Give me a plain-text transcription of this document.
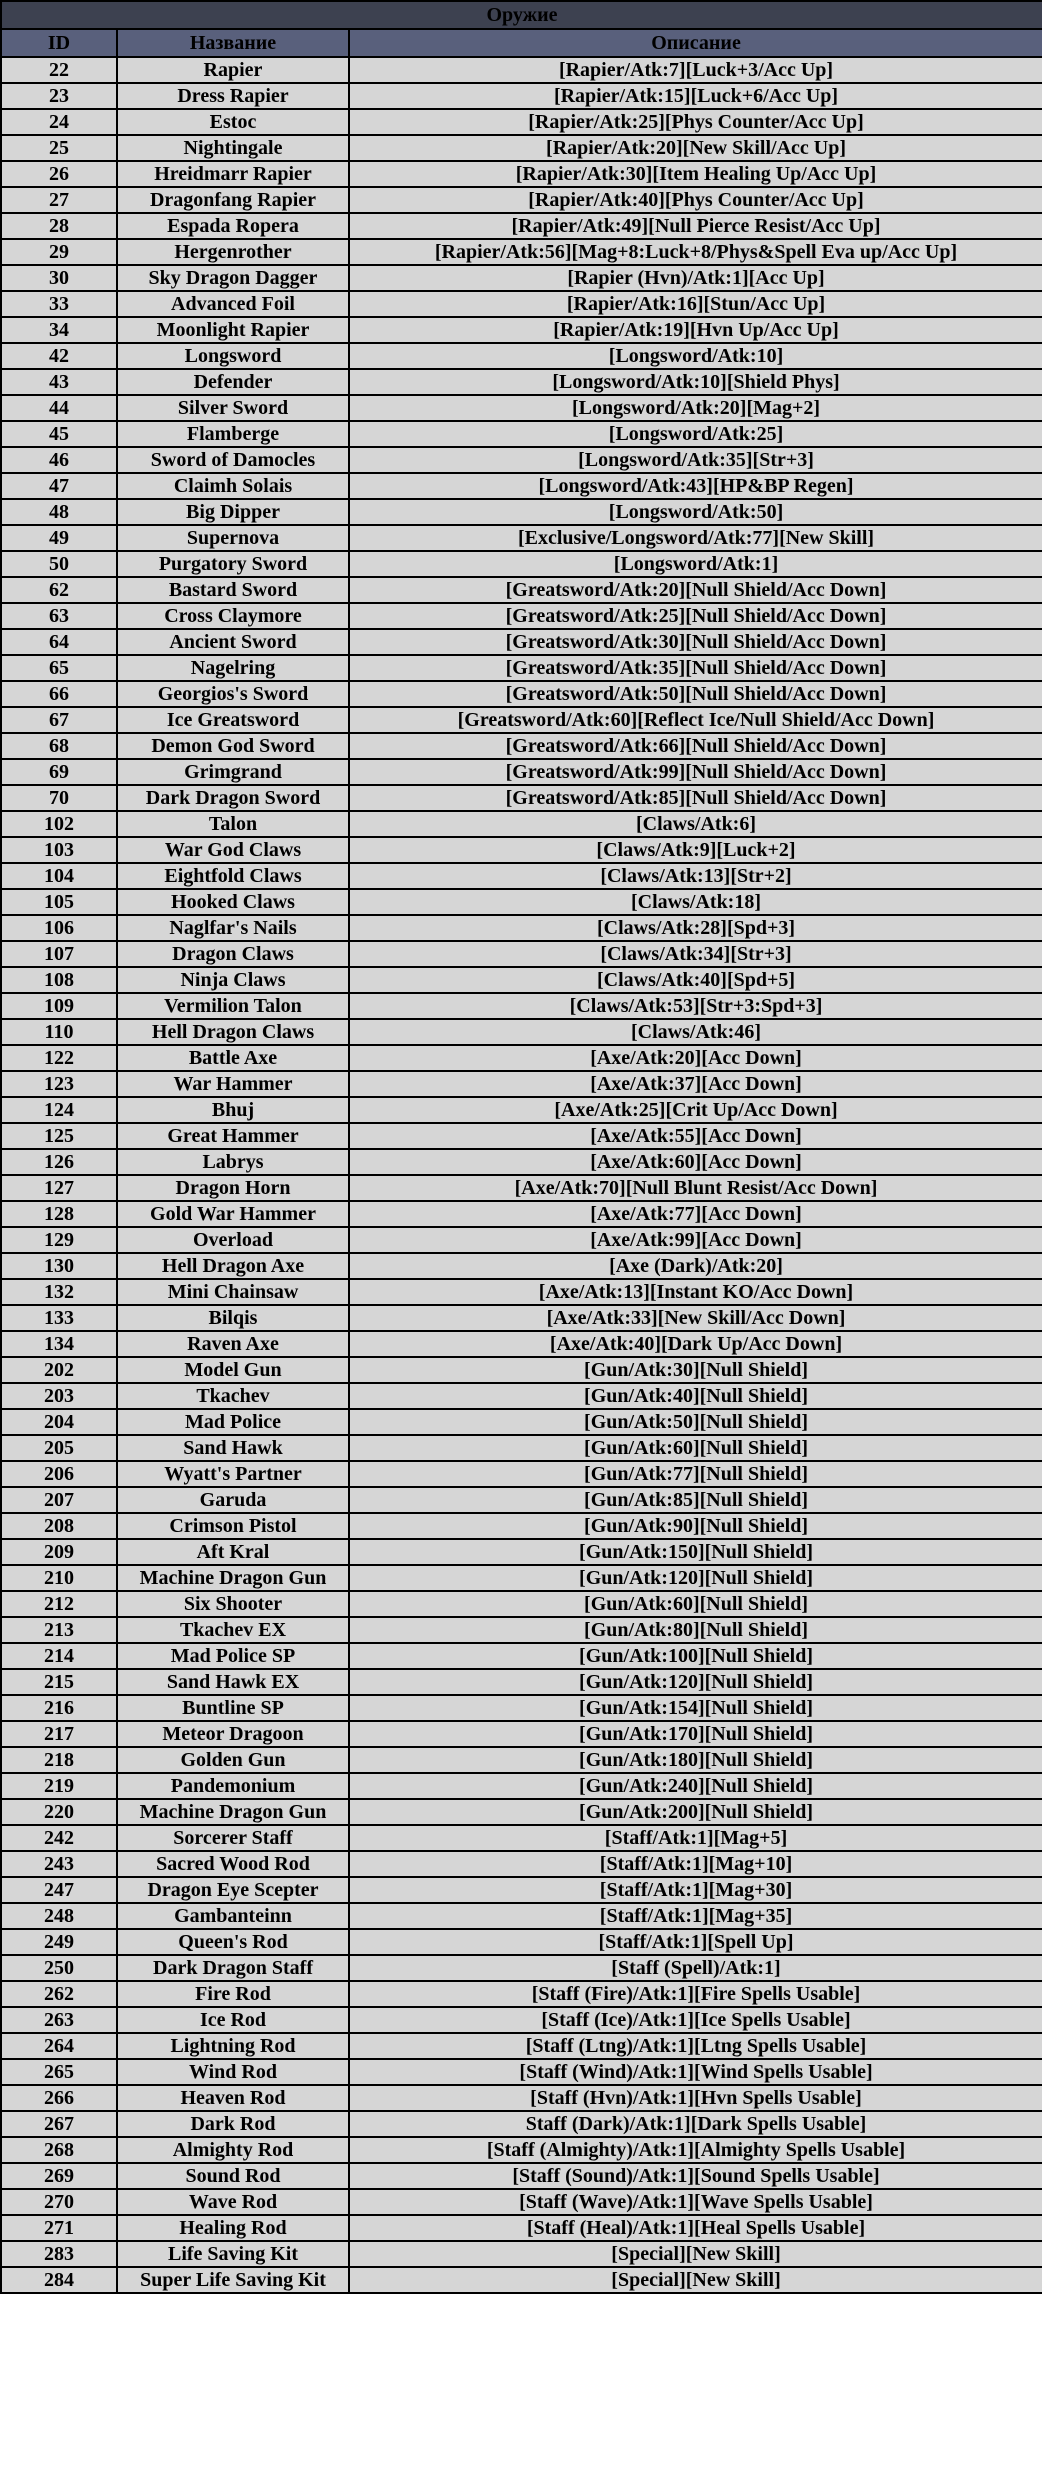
Оружие		
ID	Название	Описание
22	Rapier	[Rapier/Atk:7][Luck+3/Acc Up]
23	Dress Rapier	[Rapier/Atk:15][Luck+6/Acc Up]
24	Estoc	[Rapier/Atk:25][Phys Counter/Acc Up]
25	Nightingale	[Rapier/Atk:20][New Skill/Acc Up]
26	Hreidmarr Rapier	[Rapier/Atk:30][Item Healing Up/Acc Up]
27	Dragonfang Rapier	[Rapier/Atk:40][Phys Counter/Acc Up]
28	Espada Ropera	[Rapier/Atk:49][Null Pierce Resist/Acc Up]
29	Hergenrother	[Rapier/Atk:56][Mag+8:Luck+8/Phys&Spell Eva up/Acc Up]
30	Sky Dragon Dagger	[Rapier (Hvn)/Atk:1][Acc Up]
33	Advanced Foil	[Rapier/Atk:16][Stun/Acc Up]
34	Moonlight Rapier	[Rapier/Atk:19][Hvn Up/Acc Up]
42	Longsword	[Longsword/Atk:10]
43	Defender	[Longsword/Atk:10][Shield Phys]
44	Silver Sword	[Longsword/Atk:20][Mag+2]
45	Flamberge	[Longsword/Atk:25]
46	Sword of Damocles	[Longsword/Atk:35][Str+3]
47	Claimh Solais	[Longsword/Atk:43][HP&BP Regen]
48	Big Dipper	[Longsword/Atk:50]
49	Supernova	[Exclusive/Longsword/Atk:77][New Skill]
50	Purgatory Sword	[Longsword/Atk:1]
62	Bastard Sword	[Greatsword/Atk:20][Null Shield/Acc Down]
63	Cross Claymore	[Greatsword/Atk:25][Null Shield/Acc Down]
64	Ancient Sword	[Greatsword/Atk:30][Null Shield/Acc Down]
65	Nagelring	[Greatsword/Atk:35][Null Shield/Acc Down]
66	Georgios's Sword	[Greatsword/Atk:50][Null Shield/Acc Down]
67	Ice Greatsword	[Greatsword/Atk:60][Reflect Ice/Null Shield/Acc Down]
68	Demon God Sword	[Greatsword/Atk:66][Null Shield/Acc Down]
69	Grimgrand	[Greatsword/Atk:99][Null Shield/Acc Down]
70	Dark Dragon Sword	[Greatsword/Atk:85][Null Shield/Acc Down]
102	Talon	[Claws/Atk:6]
103	War God Claws	[Claws/Atk:9][Luck+2]
104	Eightfold Claws	[Claws/Atk:13][Str+2]
105	Hooked Claws	[Claws/Atk:18]
106	Naglfar's Nails	[Claws/Atk:28][Spd+3]
107	Dragon Claws	[Claws/Atk:34][Str+3]
108	Ninja Claws	[Claws/Atk:40][Spd+5]
109	Vermilion Talon	[Claws/Atk:53][Str+3:Spd+3]
110	Hell Dragon Claws	[Claws/Atk:46]
122	Battle Axe	[Axe/Atk:20][Acc Down]
123	War Hammer	[Axe/Atk:37][Acc Down]
124	Bhuj	[Axe/Atk:25][Crit Up/Acc Down]
125	Great Hammer	[Axe/Atk:55][Acc Down]
126	Labrys	[Axe/Atk:60][Acc Down]
127	Dragon Horn	[Axe/Atk:70][Null Blunt Resist/Acc Down]
128	Gold War Hammer	[Axe/Atk:77][Acc Down]
129	Overload	[Axe/Atk:99][Acc Down]
130	Hell Dragon Axe	[Axe (Dark)/Atk:20]
132	Mini Chainsaw	[Axe/Atk:13][Instant KO/Acc Down]
133	Bilqis	[Axe/Atk:33][New Skill/Acc Down]
134	Raven Axe	[Axe/Atk:40][Dark Up/Acc Down]
202	Model Gun	[Gun/Atk:30][Null Shield]
203	Tkachev	[Gun/Atk:40][Null Shield]
204	Mad Police	[Gun/Atk:50][Null Shield]
205	Sand Hawk	[Gun/Atk:60][Null Shield]
206	Wyatt's Partner	[Gun/Atk:77][Null Shield]
207	Garuda	[Gun/Atk:85][Null Shield]
208	Crimson Pistol	[Gun/Atk:90][Null Shield]
209	Aft Kral	[Gun/Atk:150][Null Shield]
210	Machine Dragon Gun	[Gun/Atk:120][Null Shield]
212	Six Shooter	[Gun/Atk:60][Null Shield]
213	Tkachev EX	[Gun/Atk:80][Null Shield]
214	Mad Police SP	[Gun/Atk:100][Null Shield]
215	Sand Hawk EX	[Gun/Atk:120][Null Shield]
216	Buntline SP	[Gun/Atk:154][Null Shield]
217	Meteor Dragoon	[Gun/Atk:170][Null Shield]
218	Golden Gun	[Gun/Atk:180][Null Shield]
219	Pandemonium	[Gun/Atk:240][Null Shield]
220	Machine Dragon Gun	[Gun/Atk:200][Null Shield]
242	Sorcerer Staff	[Staff/Atk:1][Mag+5]
243	Sacred Wood Rod	[Staff/Atk:1][Mag+10]
247	Dragon Eye Scepter	[Staff/Atk:1][Mag+30]
248	Gambanteinn	[Staff/Atk:1][Mag+35]
249	Queen's Rod	[Staff/Atk:1][Spell Up]
250	Dark Dragon Staff	[Staff (Spell)/Atk:1]
262	Fire Rod	[Staff (Fire)/Atk:1][Fire Spells Usable]
263	Ice Rod	[Staff (Ice)/Atk:1][Ice Spells Usable]
264	Lightning Rod	[Staff (Ltng)/Atk:1][Ltng Spells Usable]
265	Wind Rod	[Staff (Wind)/Atk:1][Wind Spells Usable]
266	Heaven Rod	[Staff (Hvn)/Atk:1][Hvn Spells Usable]
267	Dark Rod	Staff (Dark)/Atk:1][Dark Spells Usable]
268	Almighty Rod	[Staff (Almighty)/Atk:1][Almighty Spells Usable]
269	Sound Rod	[Staff (Sound)/Atk:1][Sound Spells Usable]
270	Wave Rod	[Staff (Wave)/Atk:1][Wave Spells Usable]
271	Healing Rod	[Staff (Heal)/Atk:1][Heal Spells Usable]
283	Life Saving Kit	[Special][New Skill]
284	Super Life Saving Kit	[Special][New Skill]
